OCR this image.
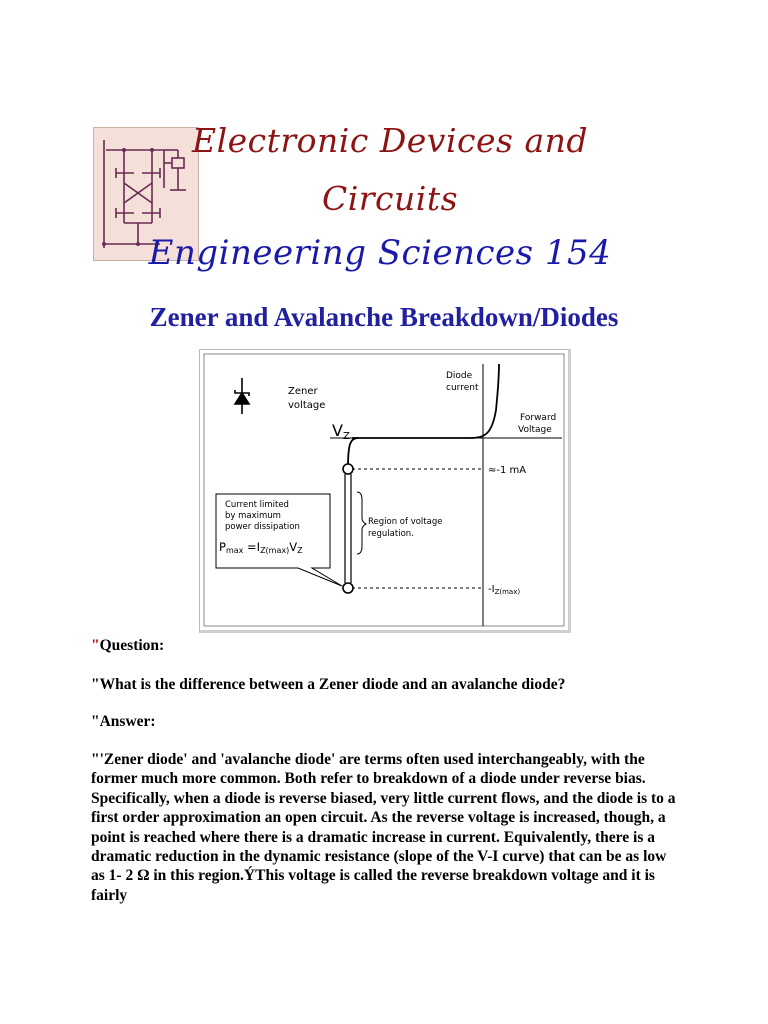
Electronic Devices and
Circuits
Engineering Sciences 154
Zener and Avalanche Breakdown/Diodes
Zener
voltage
VZ
Diode
current
Forward
Voltage
≈-1 mA
$-I_{Z(max)}$
Region of voltage
regulation.
Current limited
by maximum
power dissipation
Pmax =IZ(max)VZ

"Question:

"What is the difference between a Zener diode and an avalanche diode?

"Answer:

"'Zener diode' and 'avalanche diode' are terms often used interchangeably, with the former much more common. Both refer to breakdown of a diode under reverse bias. Specifically, when a diode is reverse biased, very little current flows, and the diode is to a first order approximation an open circuit. As the reverse voltage is increased, though, a point is reached where there is a dramatic increase in current. Equivalently, there is a dramatic reduction in the dynamic resistance (slope of the V-I curve) that can be as low as 1- 2 Ω in this region.ÝThis voltage is called the reverse breakdown voltage and it is fairly
